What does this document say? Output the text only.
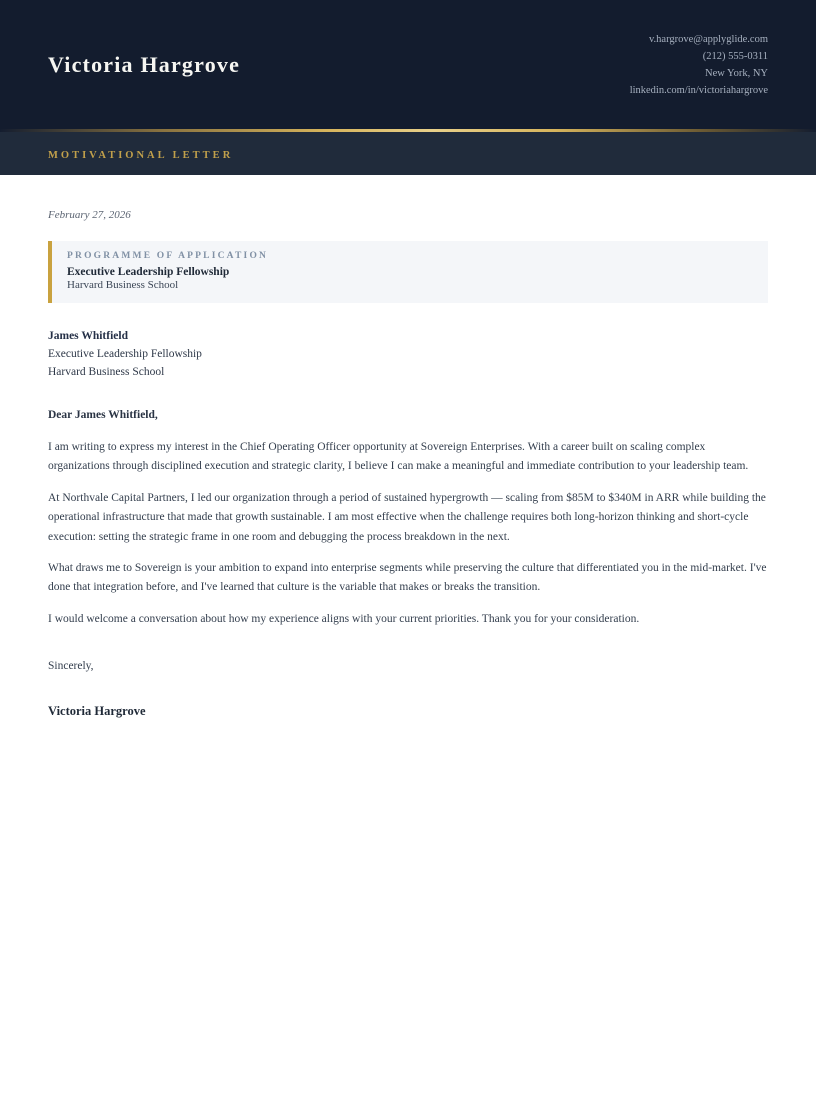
Victoria Hargrove
v.hargrove@applyglide.com
(212) 555-0311
New York, NY
linkedin.com/in/victoriahargrove
MOTIVATIONAL LETTER
February 27, 2026
PROGRAMME OF APPLICATION
Executive Leadership Fellowship
Harvard Business School
James Whitfield
Executive Leadership Fellowship
Harvard Business School
Dear James Whitfield,

I am writing to express my interest in the Chief Operating Officer opportunity at Sovereign Enterprises. With a career built on scaling complex organizations through disciplined execution and strategic clarity, I believe I can make a meaningful and immediate contribution to your leadership team.

At Northvale Capital Partners, I led our organization through a period of sustained hypergrowth — scaling from $85M to $340M in ARR while building the operational infrastructure that made that growth sustainable. I am most effective when the challenge requires both long-horizon thinking and short-cycle execution: setting the strategic frame in one room and debugging the process breakdown in the next.

What draws me to Sovereign is your ambition to expand into enterprise segments while preserving the culture that differentiated you in the mid-market. I've done that integration before, and I've learned that culture is the variable that makes or breaks the transition.

I would welcome a conversation about how my experience aligns with your current priorities. Thank you for your consideration.

Sincerely,
Victoria Hargrove
